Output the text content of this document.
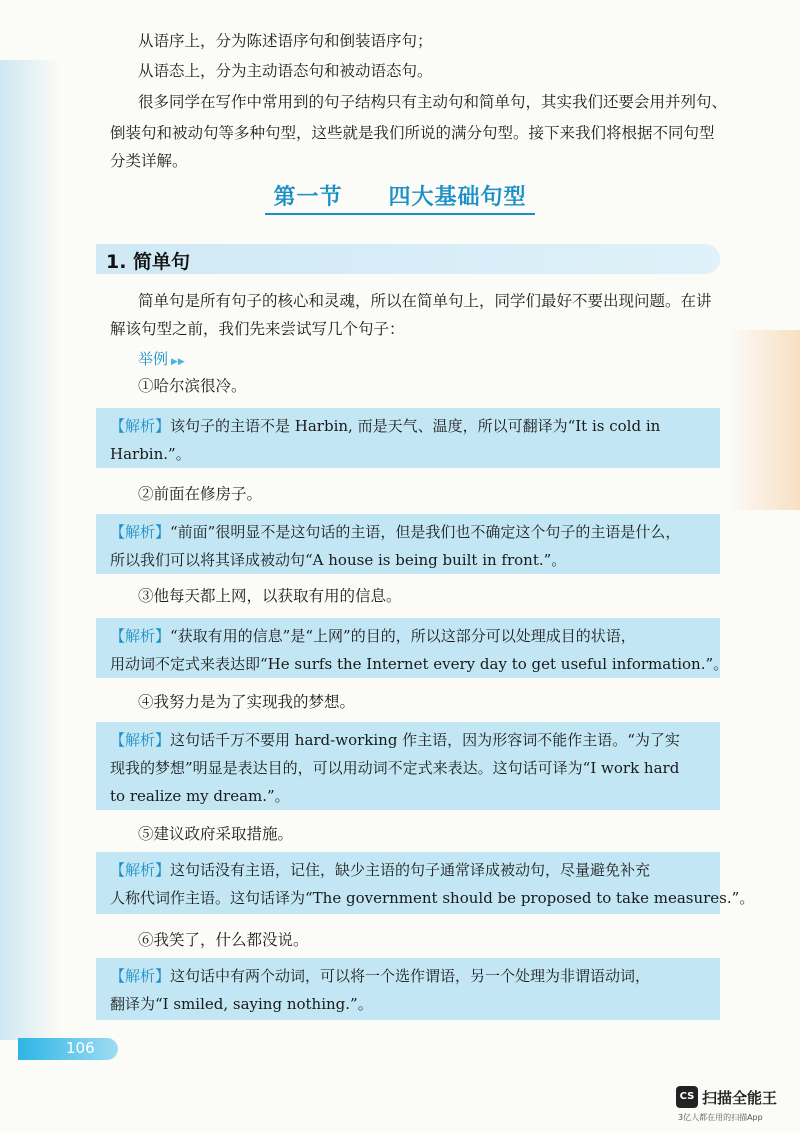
从语序上，分为陈述语序句和倒装语序句；
从语态上，分为主动语态句和被动语态句。
很多同学在写作中常用到的句子结构只有主动句和简单句，其实我们还要会用并列句、
倒装句和被动句等多种句型，这些就是我们所说的满分句型。接下来我们将根据不同句型
分类详解。
第一节　　四大基础句型
1. 简单句
简单句是所有句子的核心和灵魂，所以在简单句上，同学们最好不要出现问题。在讲
解该句型之前，我们先来尝试写几个句子：
举例 ▶▶
①哈尔滨很冷。
【解析】该句子的主语不是 Harbin, 而是天气、温度，所以可翻译为“It is cold in
Harbin.”。
②前面在修房子。
【解析】“前面”很明显不是这句话的主语，但是我们也不确定这个句子的主语是什么，
所以我们可以将其译成被动句“A house is being built in front.”。
③他每天都上网，以获取有用的信息。
【解析】“获取有用的信息”是“上网”的目的，所以这部分可以处理成目的状语，
用动词不定式来表达即“He surfs the Internet every day to get useful information.”。
④我努力是为了实现我的梦想。
【解析】这句话千万不要用 hard-working 作主语，因为形容词不能作主语。“为了实
现我的梦想”明显是表达目的，可以用动词不定式来表达。这句话可译为“I work hard
to realize my dream.”。
⑤建议政府采取措施。
【解析】这句话没有主语，记住，缺少主语的句子通常译成被动句，尽量避免补充
人称代词作主语。这句话译为“The government should be proposed to take measures.”。
⑥我笑了，什么都没说。
【解析】这句话中有两个动词，可以将一个选作谓语，另一个处理为非谓语动词，
翻译为“I smiled, saying nothing.”。
106
CS 扫描全能王
3亿人都在用的扫描App
